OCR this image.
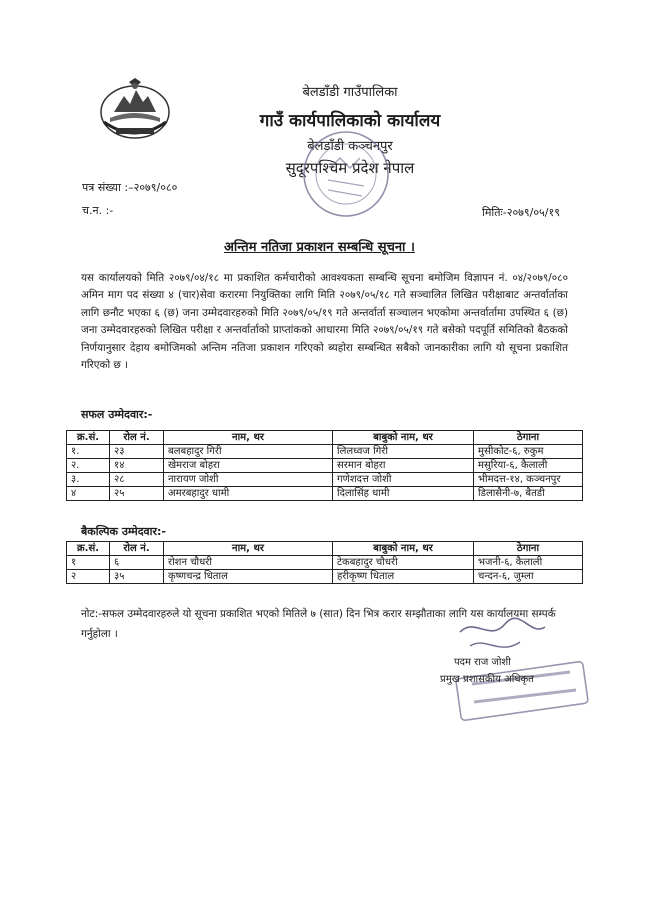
बेलडाँडी गाउँपालिका
गाउँ कार्यपालिकाको कार्यालय
बेलडाँडी कञ्चनपुर
सुदूरपश्चिम प्रदेश नेपाल
पत्र संख्या :–२०७९/०८०
च.न. :-	मितिः-२०७९/०५/१९
अन्तिम नतिजा प्रकाशन सम्बन्धि सूचना ।
यस कार्यालयको मिति २०७९/०४/१८ मा प्रकाशित कर्मचारीको आवश्यकता सम्बन्धि सूचना बमोजिम विज्ञापन नं. ०४/२०७९/०८० अमिन माग पद संख्या ४ (चार)सेवा करारमा नियुक्तिका लागि मिति २०७९/०५/१८ गते सञ्चालित लिखित परीक्षाबाट अन्तर्वार्ताका लागि छनौट भएका ६ (छ) जना उम्मेदवारहरुको मिति २०७९/०५/१९ गते अन्तर्वार्ता सञ्चालन भएकोमा अन्तर्वार्तामा उपस्थित ६ (छ) जना उम्मेदवारहरुको लिखित परीक्षा र अन्तर्वार्ताको प्राप्तांकको आधारमा मिति २०७९/०५/१९ गते बसेको पदपूर्ति समितिको बैठकको निर्णयानुसार देहाय बमोजिमको अन्तिम नतिजा प्रकाशन गरिएको ब्यहोरा सम्बन्धित सबैको जानकारीका लागि यो सूचना प्रकाशित गरिएको छ ।
सफल उम्मेदवार:-
क्र.सं.	रोल नं.	नाम, थर	बाबुको नाम, थर	ठेगाना
१.	२३	बलबहादुर गिरी	लिलध्वज गिरी	मुसीकोट-६, रुकुम
२.	१४	खेमराज बोहरा	सरमान बोहरा	मसुरिया-६, कैलाली
३.	२८	नारायण जोशी	गणेशदत्त जोशी	भीमदत्त-१४, कञ्चनपुर
४	२५	अमरबहादुर धामी	दिलासिंह धामी	डिलासैनी-७, बैतडी
बैकल्पिक उम्मेदवार:-
क्र.सं.	रोल नं.	नाम, थर	बाबुको नाम, थर	ठेगाना
१	६	रोशन चौधरी	टेकबहादुर चौधरी	भजनी-६, कैलाली
२	३५	कृष्णचन्द्र धिताल	हरीकृष्ण धिताल	चन्दन-६, जुम्ला
नोट:-सफल उम्मेदवारहरुले यो सूचना प्रकाशित भएको मितिले ७ (सात) दिन भित्र करार सम्झौताका लागि यस कार्यालयमा सम्पर्क गर्नुहोला ।
पदम राज जोशी
प्रमुख प्रशासकीय अधिकृत
